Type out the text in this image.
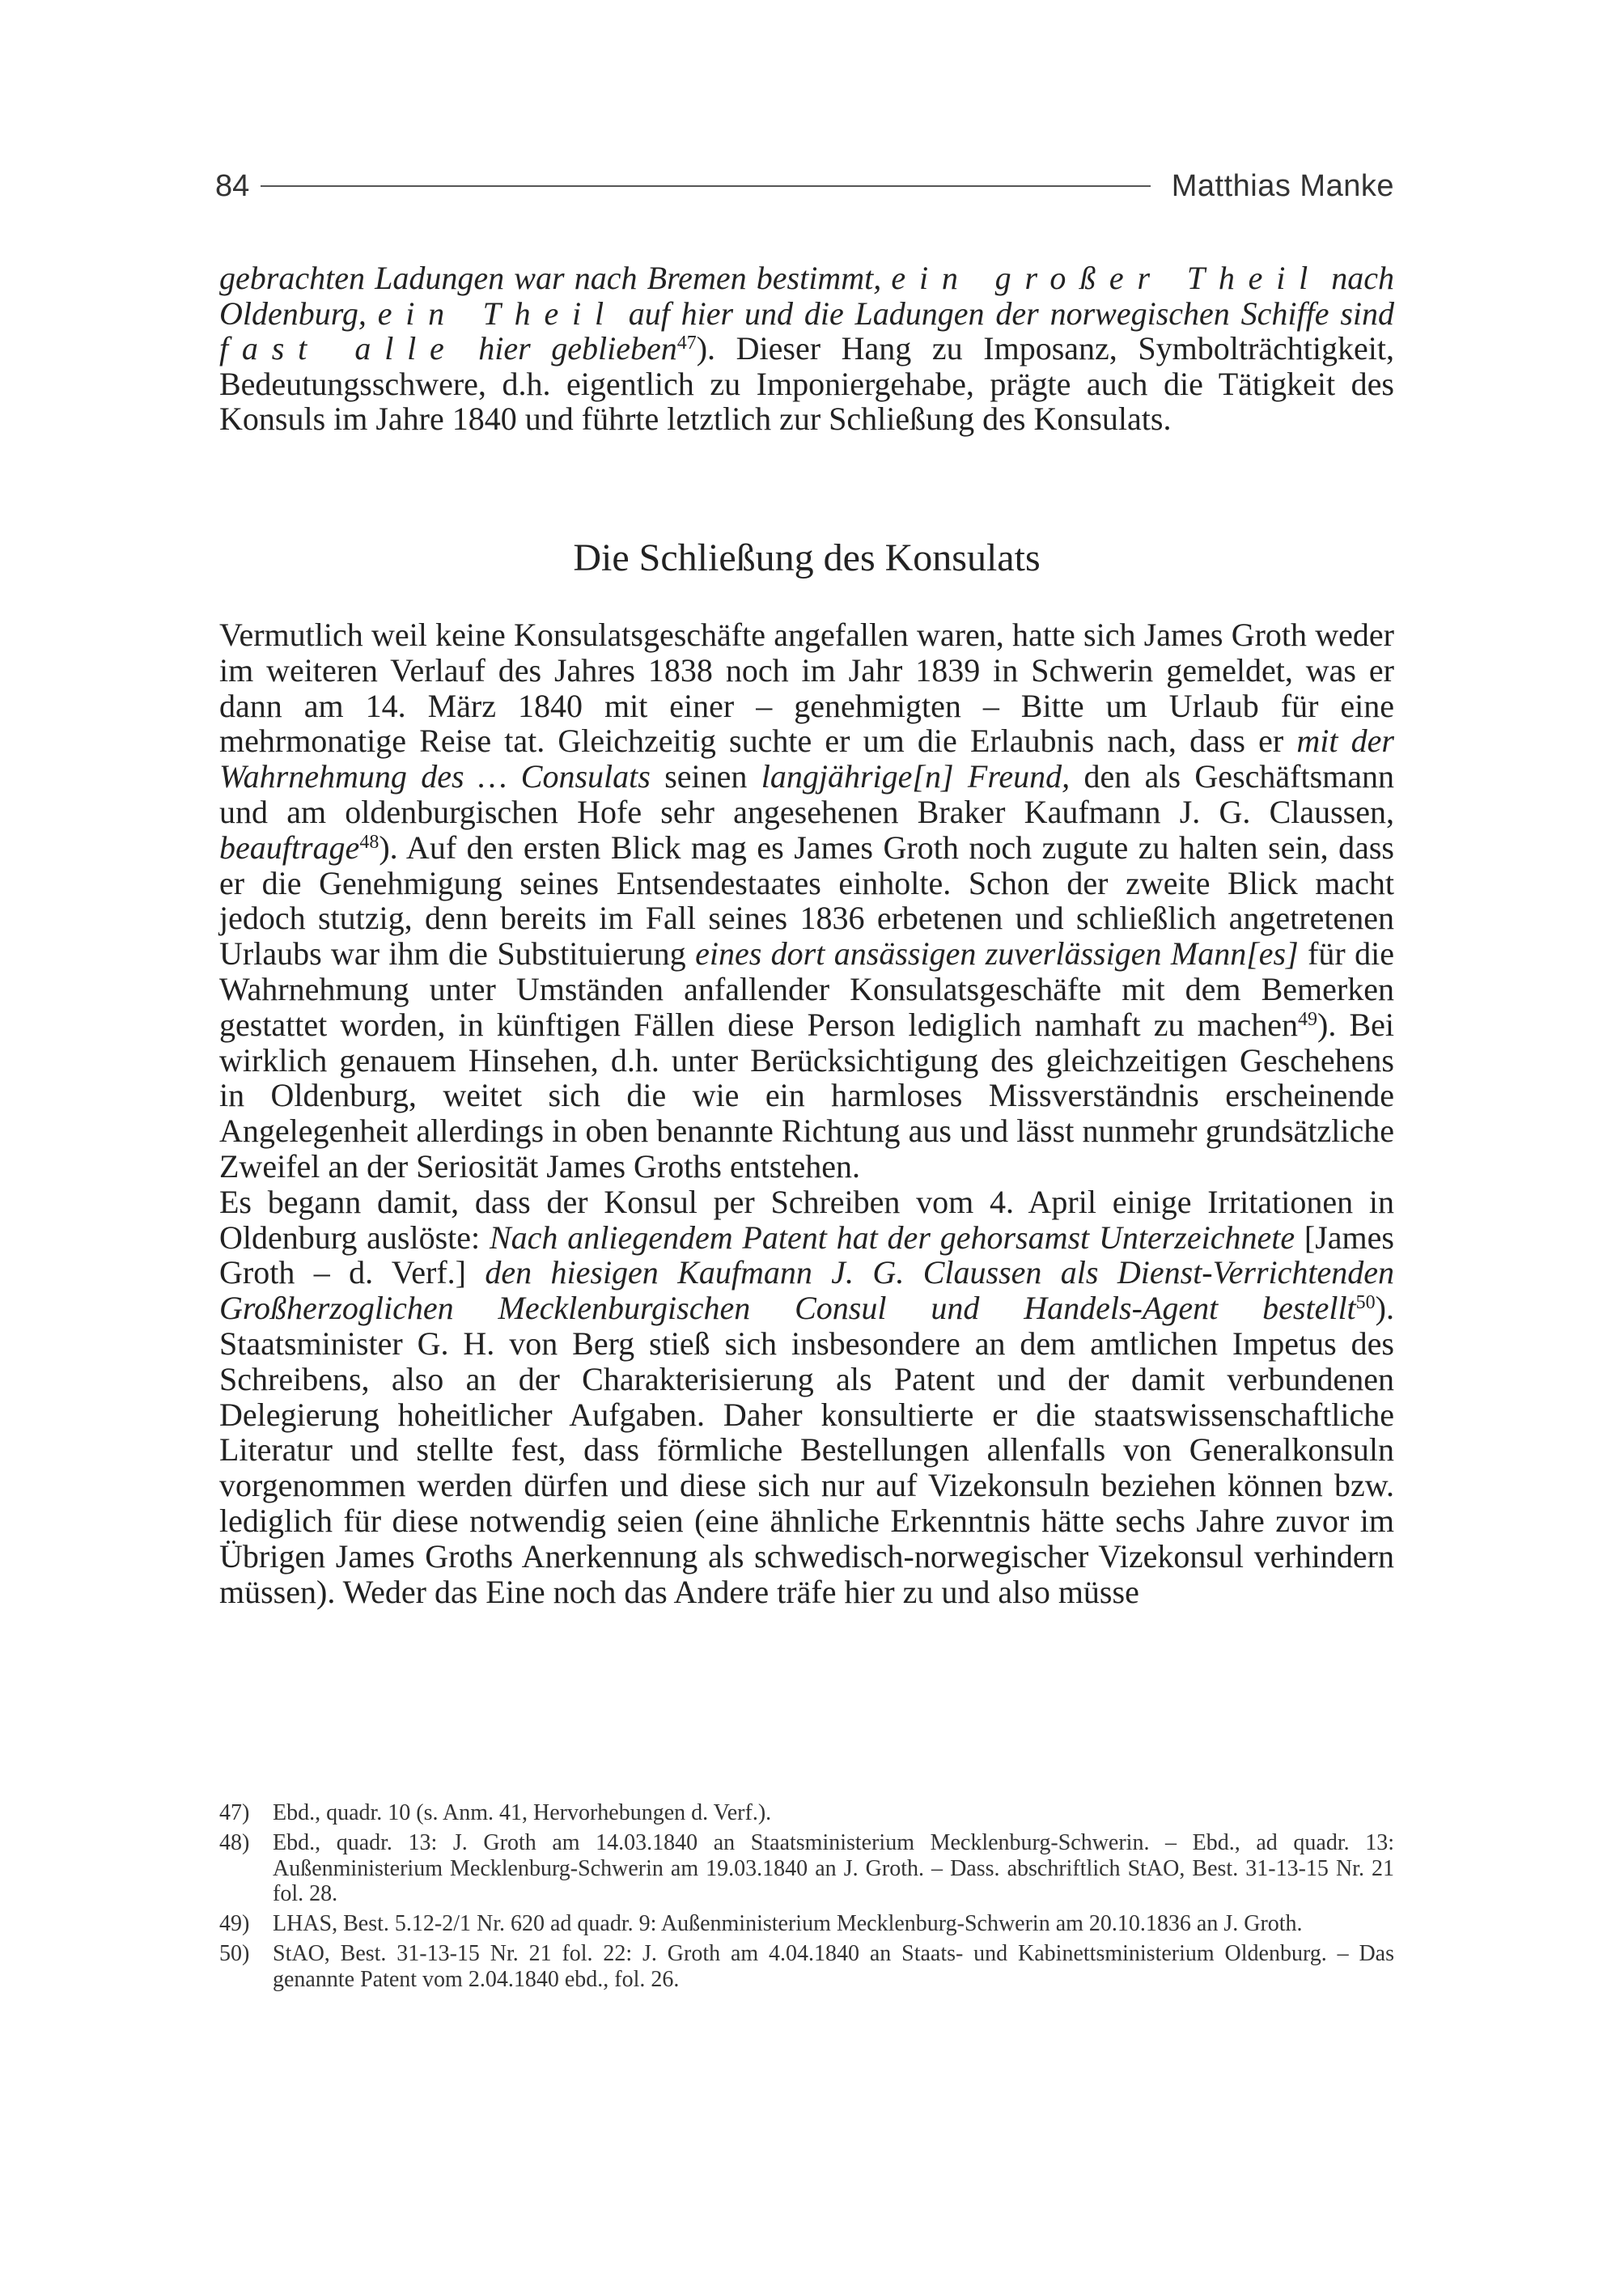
84	Matthias Manke

gebrachten Ladungen war nach Bremen bestimmt, ein großer Theil nach Oldenburg, ein Theil auf hier und die Ladungen der norwegischen Schiffe sind fast alle hier geblieben$^{47}$). Dieser Hang zu Imposanz, Symbolträchtigkeit, Bedeutungsschwere, d.h. eigentlich zu Imponiergehabe, prägte auch die Tätigkeit des Konsuls im Jahre 1840 und führte letztlich zur Schließung des Konsulats.

Die Schließung des Konsulats

Vermutlich weil keine Konsulatsgeschäfte angefallen waren, hatte sich James Groth weder im weiteren Verlauf des Jahres 1838 noch im Jahr 1839 in Schwerin gemeldet, was er dann am 14. März 1840 mit einer – genehmigten – Bitte um Urlaub für eine mehrmonatige Reise tat. Gleichzeitig suchte er um die Erlaubnis nach, dass er mit der Wahrnehmung des … Consulats seinen langjährige[n] Freund, den als Geschäftsmann und am oldenburgischen Hofe sehr angesehenen Braker Kaufmann J. G. Claussen, beauftrage$^{48}$). Auf den ersten Blick mag es James Groth noch zugute zu halten sein, dass er die Genehmigung seines Entsendestaates einholte. Schon der zweite Blick macht jedoch stutzig, denn bereits im Fall seines 1836 erbetenen und schließlich angetretenen Urlaubs war ihm die Substituierung eines dort ansässigen zuverlässigen Mann[es] für die Wahrnehmung unter Umständen anfallender Konsulatsgeschäfte mit dem Bemerken gestattet worden, in künftigen Fällen diese Person lediglich namhaft zu machen$^{49}$). Bei wirklich genauem Hinsehen, d.h. unter Berücksichtigung des gleichzeitigen Geschehens in Oldenburg, weitet sich die wie ein harmloses Missverständnis erscheinende Angelegenheit allerdings in oben benannte Richtung aus und lässt nunmehr grundsätzliche Zweifel an der Seriosität James Groths entstehen.

Es begann damit, dass der Konsul per Schreiben vom 4. April einige Irritationen in Oldenburg auslöste: Nach anliegendem Patent hat der gehorsamst Unterzeichnete [James Groth – d. Verf.] den hiesigen Kaufmann J. G. Claussen als Dienst-Verrichtenden Großherzoglichen Mecklenburgischen Consul und Handels-Agent bestellt$^{50}$). Staatsminister G. H. von Berg stieß sich insbesondere an dem amtlichen Impetus des Schreibens, also an der Charakterisierung als Patent und der damit verbundenen Delegierung hoheitlicher Aufgaben. Daher konsultierte er die staatswissenschaftliche Literatur und stellte fest, dass förmliche Bestellungen allenfalls von Generalkonsuln vorgenommen werden dürfen und diese sich nur auf Vizekonsuln beziehen können bzw. lediglich für diese notwendig seien (eine ähnliche Erkenntnis hätte sechs Jahre zuvor im Übrigen James Groths Anerkennung als schwedisch-norwegischer Vizekonsul verhindern müssen). Weder das Eine noch das Andere träfe hier zu und also müsse

47)	Ebd., quadr. 10 (s. Anm. 41, Hervorhebungen d. Verf.).
48)	Ebd., quadr. 13: J. Groth am 14.03.1840 an Staatsministerium Mecklenburg-Schwerin. – Ebd., ad quadr. 13: Außenministerium Mecklenburg-Schwerin am 19.03.1840 an J. Groth. – Dass. abschriftlich StAO, Best. 31-13-15 Nr. 21 fol. 28.
49)	LHAS, Best. 5.12-2/1 Nr. 620 ad quadr. 9: Außenministerium Mecklenburg-Schwerin am 20.10.1836 an J. Groth.
50)	StAO, Best. 31-13-15 Nr. 21 fol. 22: J. Groth am 4.04.1840 an Staats- und Kabinettsministerium Oldenburg. – Das genannte Patent vom 2.04.1840 ebd., fol. 26.
